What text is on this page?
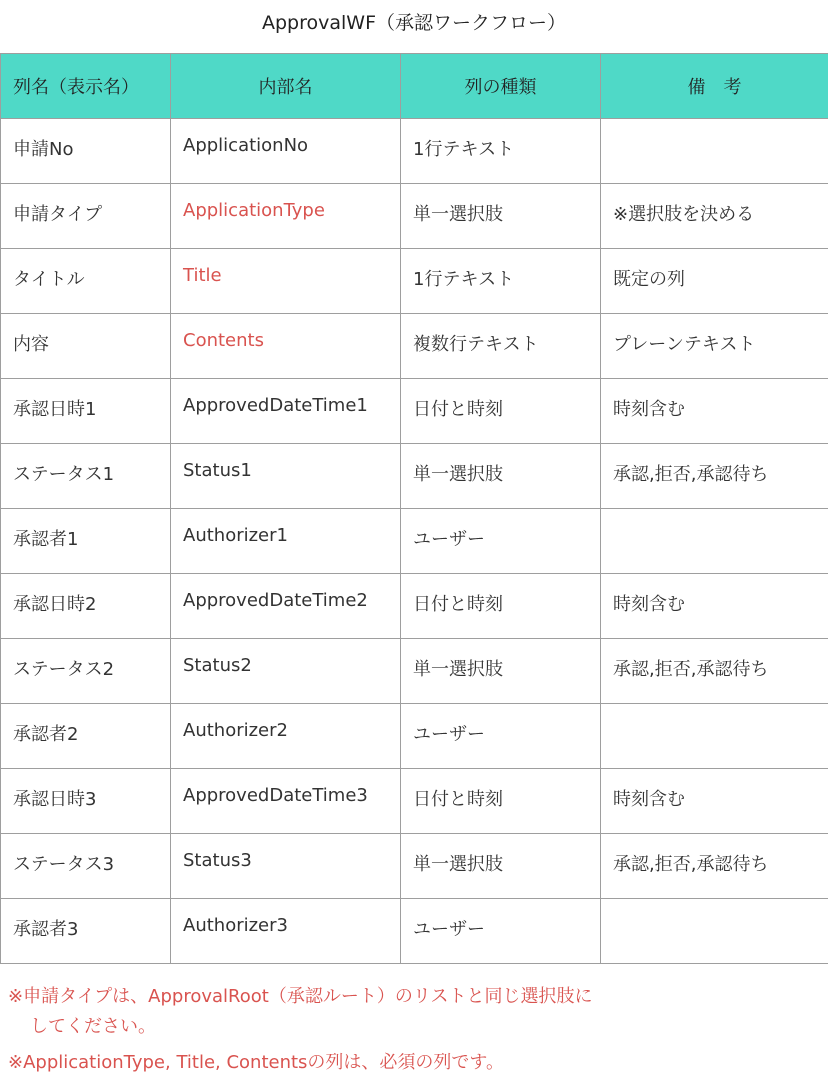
ApprovalWF（承認ワークフロー）
列名（表示名）	内部名	列の種類	備　考
申請No	ApplicationNo	1行テキスト	
申請タイプ	ApplicationType	単一選択肢	※選択肢を決める
タイトル	Title	1行テキスト	既定の列
内容	Contents	複数行テキスト	プレーンテキスト
承認日時1	ApprovedDateTime1	日付と時刻	時刻含む
ステータス1	Status1	単一選択肢	承認,拒否,承認待ち
承認者1	Authorizer1	ユーザー	
承認日時2	ApprovedDateTime2	日付と時刻	時刻含む
ステータス2	Status2	単一選択肢	承認,拒否,承認待ち
承認者2	Authorizer2	ユーザー	
承認日時3	ApprovedDateTime3	日付と時刻	時刻含む
ステータス3	Status3	単一選択肢	承認,拒否,承認待ち
承認者3	Authorizer3	ユーザー	
※申請タイプは、ApprovalRoot（承認ルート）のリストと同じ選択肢に
してください。
※ApplicationType, Title, Contentsの列は、必須の列です。
